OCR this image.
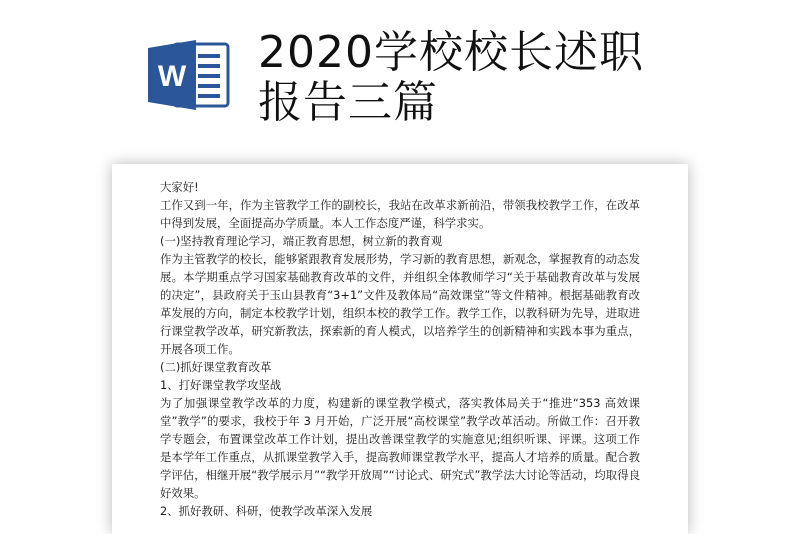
W 2020学校校长述职报告三篇

大家好!

工作又到一年，作为主管教学工作的副校长，我站在改革求新前沿，带领我校教学工作，在改革中得到发展，全面提高办学质量。本人工作态度严谨，科学求实。

(一)坚持教育理论学习，端正教育思想，树立新的教育观

作为主管教学的校长，能够紧跟教育发展形势，学习新的教育思想，新观念，掌握教育的动态发展。本学期重点学习国家基础教育改革的文件，并组织全体教师学习“关于基础教育改革与发展的决定”，县政府关于玉山县教育“3+1”文件及教体局“高效课堂”等文件精神。根据基础教育改革发展的方向，制定本校教学计划，组织本校的教学工作。教学工作，以教科研为先导，进取进行课堂教学改革，研究新教法，探索新的育人模式，以培养学生的创新精神和实践本事为重点，开展各项工作。

(二)抓好课堂教育改革

1、打好课堂教学攻坚战

为了加强课堂教学改革的力度，构建新的课堂教学模式，落实教体局关于“推进“353 高效课堂”教学”的要求，我校于年 3 月开始，广泛开展“高校课堂”教学改革活动。所做工作：召开教学专题会，布置课堂改革工作计划，提出改善课堂教学的实施意见;组织听课、评课。这项工作是本学年工作重点，从抓课堂教学入手，提高教师课堂教学水平，提高人才培养的质量。配合教学评估，相继开展“教学展示月”“教学开放周”“讨论式、研究式”教学法大讨论等活动，均取得良好效果。

2、抓好教研、科研，使教学改革深入发展
